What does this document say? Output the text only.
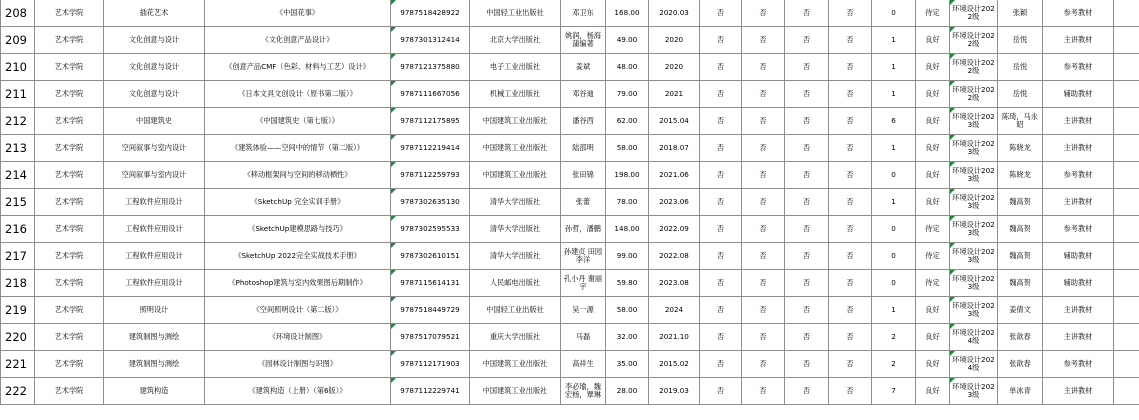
208	艺术学院	插花艺术	《中国花事》	9787518428922	中国轻工业出版社	邓卫东	168.00	2020.03	否	否	否	否	0	待定	环境设计2022级	张颖	参考教材			
209	艺术学院	文化创意与设计	《文化创意产品设计》	9787301312414	北京大学出版社	姚润，杨海蒲编著	49.00	2020	否	否	否	否	1	良好	环境设计2022级	岳悦	主讲教材			
210	艺术学院	文化创意与设计	《创意产品CMF（色彩、材料与工艺）设计》	9787121375880	电子工业出版社	姜斌	48.00	2020	否	否	否	否	1	良好	环境设计2022级	岳悦	参考教材			
211	艺术学院	文化创意与设计	《日本文具文创设计（原书第二版）》	9787111667056	机械工业出版社	邓谷迪	79.00	2021	否	否	否	否	1	良好	环境设计2022级	岳悦	辅助教材			
212	艺术学院	中国建筑史	《中国建筑史（第七版）》	9787112175895	中国建筑工业出版社	潘谷西	62.00	2015.04	否	否	否	否	6	良好	环境设计2023级	陈琦，马永昭	主讲教材			
213	艺术学院	空间叙事与室内设计	《建筑体验——空间中的情节（第二版）》	9787112219414	中国建筑工业出版社	陆邵明	58.00	2018.07	否	否	否	否	1	良好	环境设计2023级	陈晓龙	主讲教材			
214	艺术学院	空间叙事与室内设计	《移动框架间与空间的移动栖性》	9787112259793	中国建筑工业出版社	张田锦	198.00	2021.06	否	否	否	否	0	良好	环境设计2023级	陈晓龙	参考教材			
215	艺术学院	工程软件应用设计	《SketchUp 完全实训手册》	9787302635130	清华大学出版社	张蕾	78.00	2023.06	否	否	否	否	1	良好	环境设计2023级	魏高贺	主讲教材			
216	艺术学院	工程软件应用设计	《SketchUp建模思路与技巧》	9787302595533	清华大学出版社	孙哲，潘鹏	148.00	2022.09	否	否	否	否	0	待定	环境设计2023级	魏高贺	参考教材			
217	艺术学院	工程软件应用设计	《SketchUp 2022完全实战技术手册》	9787302610151	清华大学出版社	孙建贞 田园 李洋	99.00	2022.08	否	否	否	否	0	待定	环境设计2023级	魏高贺	辅助教材			
218	艺术学院	工程软件应用设计	《Photoshop建筑与室内效果图后期制作》	9787115614131	人民邮电出版社	孔小丹 谢丽宇	59.80	2023.08	否	否	否	否	0	待定	环境设计2023级	魏高贺	辅助教材			
219	艺术学院	照明设计	《空间照明设计（第二版）》	9787518449729	中国轻工业出版社	吴一源	58.00	2024	否	否	否	否	1	良好	环境设计2023级	姜倩文	主讲教材			
220	艺术学院	建筑制图与测绘	《环境设计制图》	9787517079521	重庆大学出版社	马磊	32.00	2021.10	否	否	否	否	2	良好	环境设计2024级	张歆春	主讲教材			
221	艺术学院	建筑制图与测绘	《园林设计制图与识图》	9787112171903	中国建筑工业出版社	高祥生	35.00	2015.02	否	否	否	否	2	良好	环境设计2024级	张歆春	参考教材			
222	艺术学院	建筑构造	《建筑构造（上册）（第6版）》	9787112229741	中国建筑工业出版社	李必瑜，魏宏杨，覃琳	28.00	2019.03	否	否	否	否	7	良好	环境设计2023级	单冰青	主讲教材			
